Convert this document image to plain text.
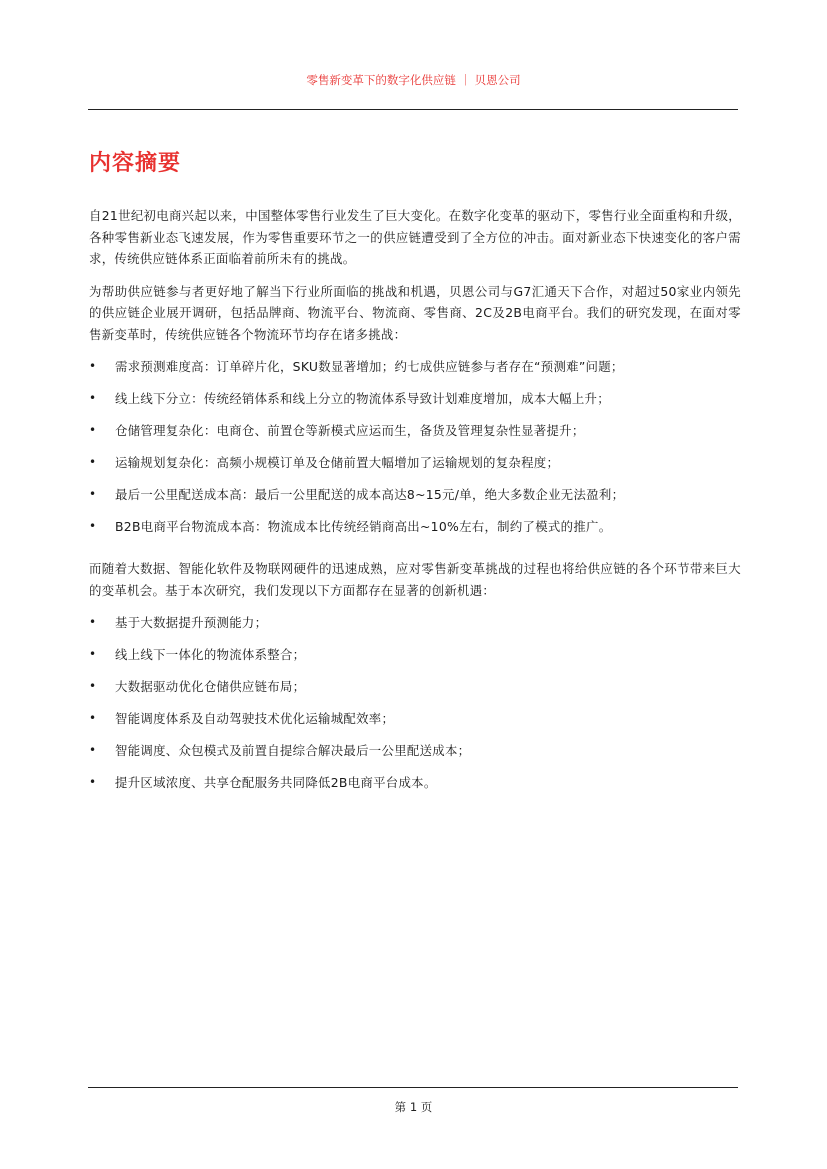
零售新变革下的数字化供应链 ｜ 贝恩公司
内容摘要

自21世纪初电商兴起以来，中国整体零售行业发生了巨大变化。在数字化变革的驱动下，零售行业全面重构和升级，各种零售新业态飞速发展，作为零售重要环节之一的供应链遭受到了全方位的冲击。面对新业态下快速变化的客户需求，传统供应链体系正面临着前所未有的挑战。

为帮助供应链参与者更好地了解当下行业所面临的挑战和机遇，贝恩公司与G7汇通天下合作，对超过50家业内领先的供应链企业展开调研，包括品牌商、物流平台、物流商、零售商、2C及2B电商平台。我们的研究发现，在面对零售新变革时，传统供应链各个物流环节均存在诸多挑战：

• 需求预测难度高：订单碎片化，SKU数显著增加；约七成供应链参与者存在“预测难”问题；
• 线上线下分立：传统经销体系和线上分立的物流体系导致计划难度增加，成本大幅上升；
• 仓储管理复杂化：电商仓、前置仓等新模式应运而生，备货及管理复杂性显著提升；
• 运输规划复杂化：高频小规模订单及仓储前置大幅增加了运输规划的复杂程度；
• 最后一公里配送成本高：最后一公里配送的成本高达8~15元/单，绝大多数企业无法盈利；
• B2B电商平台物流成本高：物流成本比传统经销商高出~10%左右，制约了模式的推广。

而随着大数据、智能化软件及物联网硬件的迅速成熟，应对零售新变革挑战的过程也将给供应链的各个环节带来巨大的变革机会。基于本次研究，我们发现以下方面都存在显著的创新机遇：

• 基于大数据提升预测能力；
• 线上线下一体化的物流体系整合；
• 大数据驱动优化仓储供应链布局；
• 智能调度体系及自动驾驶技术优化运输城配效率；
• 智能调度、众包模式及前置自提综合解决最后一公里配送成本；
• 提升区域浓度、共享仓配服务共同降低2B电商平台成本。
第 1 页
